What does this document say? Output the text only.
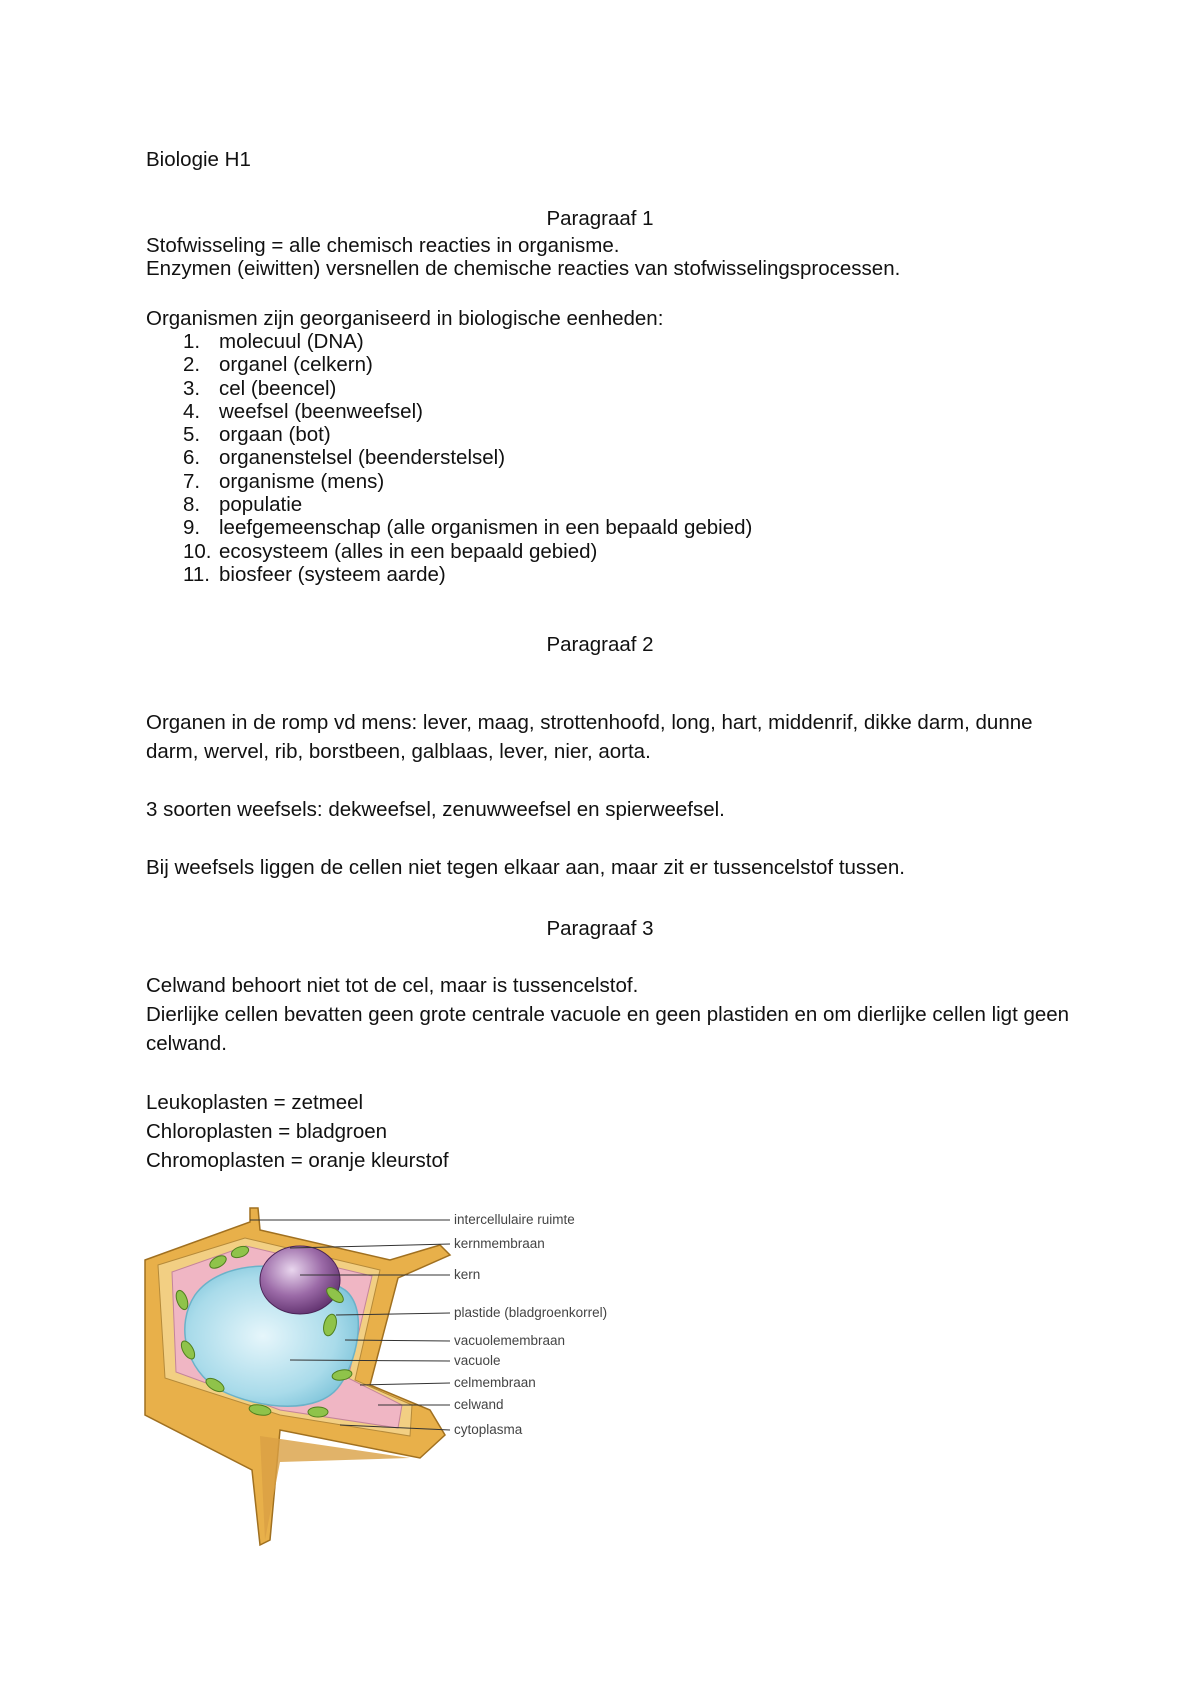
Biologie H1
Paragraaf 1
Stofwisseling = alle chemisch reacties in organisme.
Enzymen (eiwitten) versnellen de chemische reacties van stofwisselingsprocessen.
Organismen zijn georganiseerd in biologische eenheden:
1. molecuul (DNA)
2. organel (celkern)
3. cel (beencel)
4. weefsel (beenweefsel)
5. orgaan (bot)
6. organenstelsel (beenderstelsel)
7. organisme (mens)
8. populatie
9. leefgemeenschap (alle organismen in een bepaald gebied)
10. ecosysteem (alles in een bepaald gebied)
11. biosfeer (systeem aarde)
Paragraaf 2
Organen in de romp vd mens: lever, maag, strottenhoofd, long, hart, middenrif, dikke darm, dunne darm, wervel, rib, borstbeen, galblaas, lever, nier, aorta.
3 soorten weefsels: dekweefsel, zenuwweefsel en spierweefsel.
Bij weefsels liggen de cellen niet tegen elkaar aan, maar zit er tussencelstof tussen.
Paragraaf 3
Celwand behoort niet tot de cel, maar is tussencelstof.
Dierlijke cellen bevatten geen grote centrale vacuole en geen plastiden en om dierlijke cellen ligt geen celwand.
Leukoplasten = zetmeel
Chloroplasten = bladgroen
Chromoplasten = oranje kleurstof
intercellulaire ruimte
kernmembraan
kern
plastide (bladgroenkorrel)
vacuolemembraan
vacuole
celmembraan
celwand
cytoplasma
